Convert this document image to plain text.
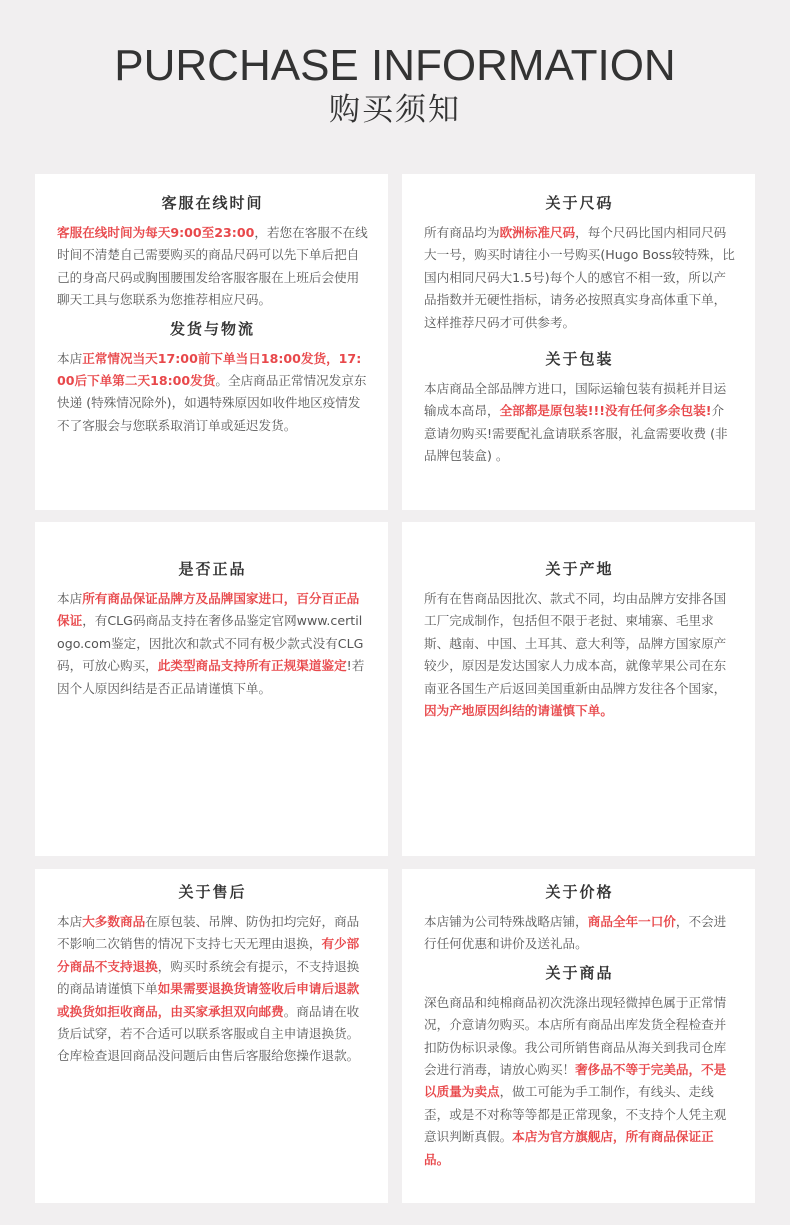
PURCHASE INFORMATION
购买须知
客服在线时间

客服在线时间为每天9:00至23:00，若您在客服不在线时间不清楚自己需要购买的商品尺码可以先下单后把自己的身高尺码或胸围腰围发给客服客服在上班后会使用聊天工具与您联系为您推荐相应尺码。

发货与物流

本店正常情况当天17:00前下单当日18:00发货，17:00后下单第二天18:00发货。全店商品正常情况发京东快递 (特殊情况除外)，如遇特殊原因如收件地区疫情发不了客服会与您联系取消订单或延迟发货。

关于尺码

所有商品均为欧洲标准尺码，每个尺码比国内相同尺码大一号，购买时请往小一号购买(Hugo Boss较特殊，比国内相同尺码大1.5号)每个人的感官不相一致，所以产品指数并无硬性指标，请务必按照真实身高体重下单，这样推荐尺码才可供参考。

关于包装

本店商品全部品牌方进口，国际运输包装有损耗并目运输成本高昂，全部都是原包装!!!没有任何多余包装!介意请勿购买!需要配礼盒请联系客服，礼盒需要收费 (非品牌包装盒) 。

是否正品

本店所有商品保证品牌方及品牌国家进口，百分百正品保证，有CLG码商品支持在奢侈品鉴定官网www.certilogo.com鉴定，因批次和款式不同有极少款式没有CLG码，可放心购买，此类型商品支持所有正规渠道鉴定!若因个人原因纠结是否正品请谨慎下单。

关于产地

所有在售商品因批次、款式不同，均由品牌方安排各国工厂完成制作，包括但不限于老挝、柬埔寨、毛里求斯、越南、中国、土耳其、意大利等，品牌方国家原产较少，原因是发达国家人力成本高，就像苹果公司在东南亚各国生产后返回美国重新由品牌方发往各个国家，因为产地原因纠结的请谨慎下单。

关于售后

本店大多数商品在原包装、吊牌、防伪扣均完好，商品不影响二次销售的情况下支持七天无理由退换，有少部分商品不支持退换，购买时系统会有提示，不支持退换的商品请谨慎下单如果需要退换货请签收后申请后退款或换货如拒收商品，由买家承担双向邮费。商品请在收货后试穿，若不合适可以联系客服或自主申请退换货。仓库检查退回商品没问题后由售后客服给您操作退款。

关于价格

本店铺为公司特殊战略店铺，商品全年一口价，不会进行任何优惠和讲价及送礼品。

关于商品

深色商品和纯棉商品初次洗涤出现轻微掉色属于正常情况，介意请勿购买。本店所有商品出库发货全程检查并扣防伪标识录像。我公司所销售商品从海关到我司仓库会进行消毒，请放心购买！奢侈品不等于完美品，不是以质量为卖点，做工可能为手工制作，有线头、走线歪，或是不对称等等都是正常现象，不支持个人凭主观意识判断真假。本店为官方旗舰店，所有商品保证正品。
